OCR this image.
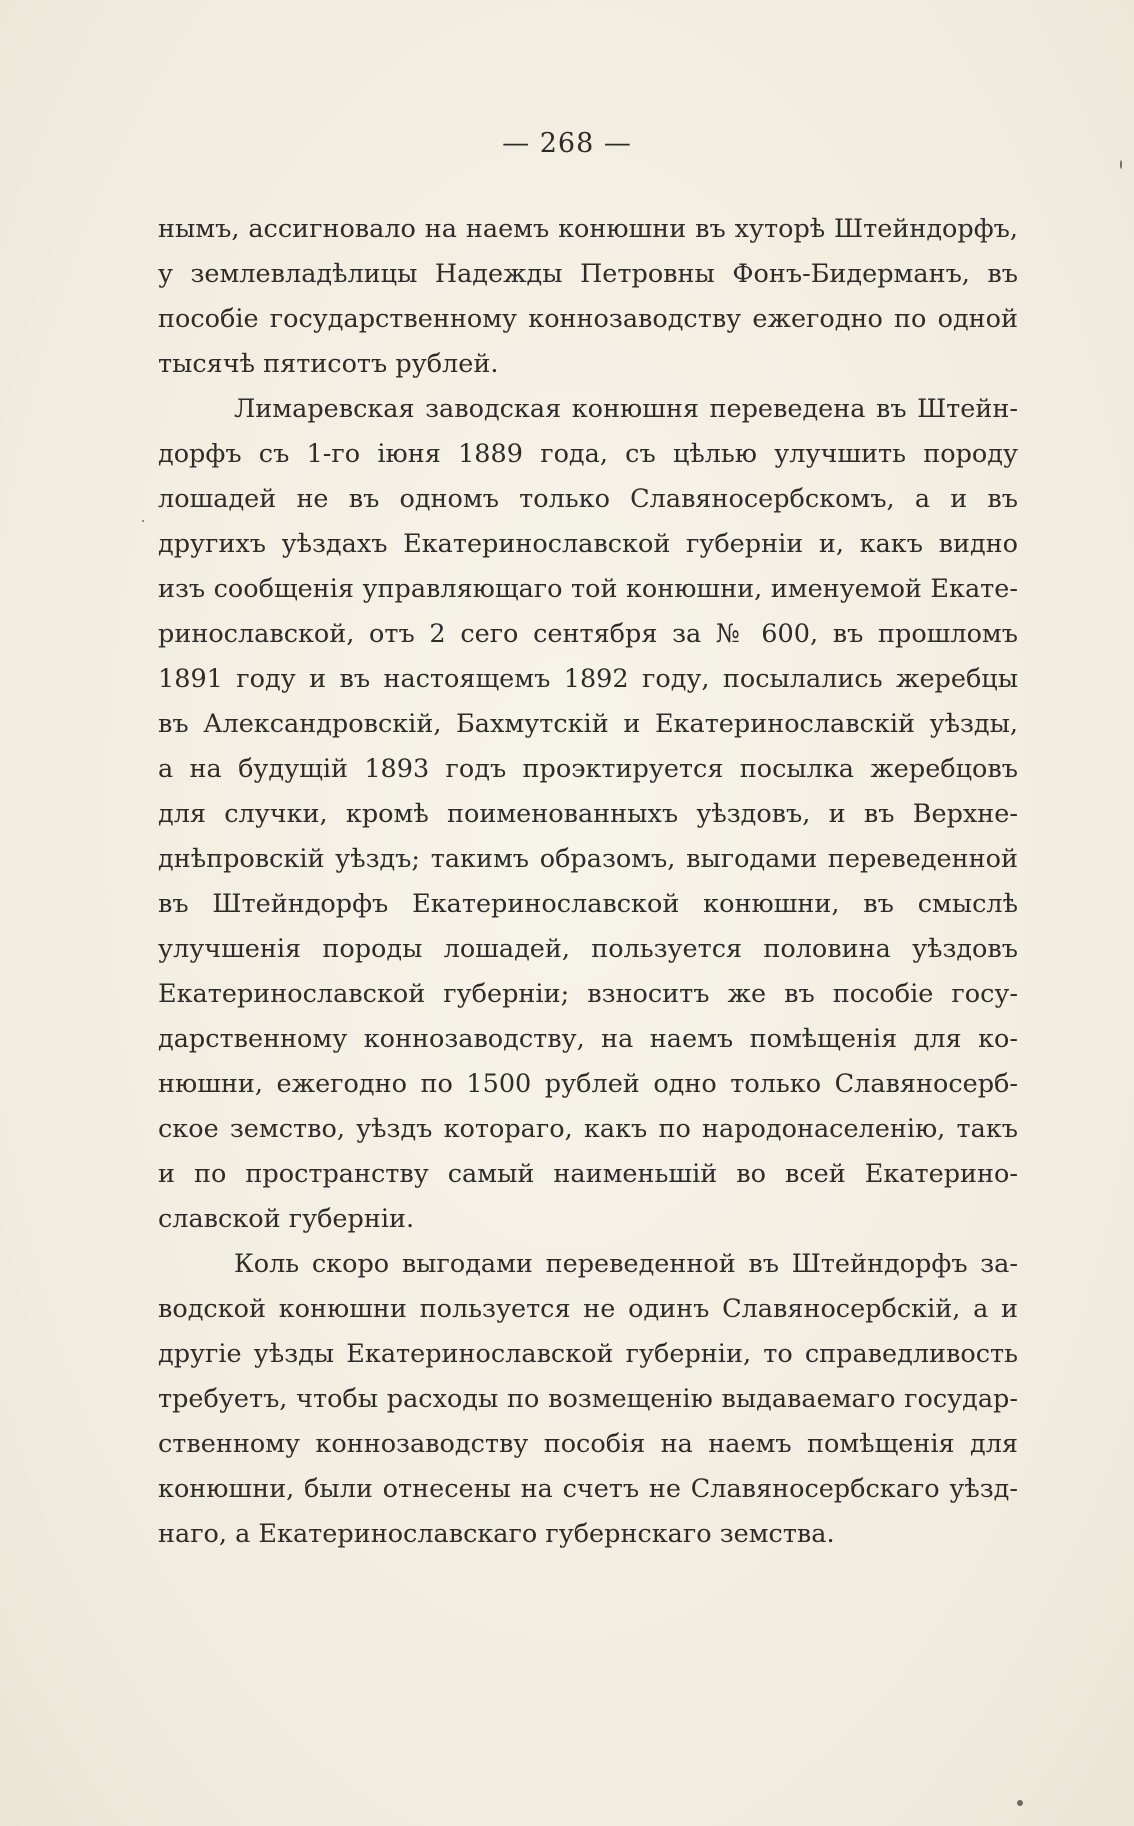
— 268 —
нымъ, ассигновало на наемъ конюшни въ хуторѣ Штейндорфъ,
у землевладѣлицы Надежды Петровны Фонъ-Бидерманъ, въ
пособіе государственному коннозаводству ежегодно по одной
тысячѣ пятисотъ рублей.
Лимаревская заводская конюшня переведена въ Штейн-
дорфъ съ 1-го іюня 1889 года, съ цѣлью улучшить породу
лошадей не въ одномъ только Славяносербскомъ, а и въ
другихъ уѣздахъ Екатеринославской губерніи и, какъ видно
изъ сообщенія управляющаго той конюшни, именуемой Екате-
ринославской, отъ 2 сего сентября за № 600, въ прошломъ
1891 году и въ настоящемъ 1892 году, посылались жеребцы
въ Александровскій, Бахмутскій и Екатеринославскій уѣзды,
а на будущій 1893 годъ проэктируется посылка жеребцовъ
для случки, кромѣ поименованныхъ уѣздовъ, и въ Верхне-
днѣпровскій уѣздъ; такимъ образомъ, выгодами переведенной
въ Штейндорфъ Екатеринославской конюшни, въ смыслѣ
улучшенія породы лошадей, пользуется половина уѣздовъ
Екатеринославской губерніи; взноситъ же въ пособіе госу-
дарственному коннозаводству, на наемъ помѣщенія для ко-
нюшни, ежегодно по 1500 рублей одно только Славяносерб-
ское земство, уѣздъ котораго, какъ по народонаселенію, такъ
и по пространству самый наименьшій во всей Екатерино-
славской губерніи.
Коль скоро выгодами переведенной въ Штейндорфъ за-
водской конюшни пользуется не одинъ Славяносербскій, а и
другіе уѣзды Екатеринославской губерніи, то справедливость
требуетъ, чтобы расходы по возмещенію выдаваемаго государ-
ственному коннозаводству пособія на наемъ помѣщенія для
конюшни, были отнесены на счетъ не Славяносербскаго уѣзд-
наго, а Екатеринославскаго губернскаго земства.
